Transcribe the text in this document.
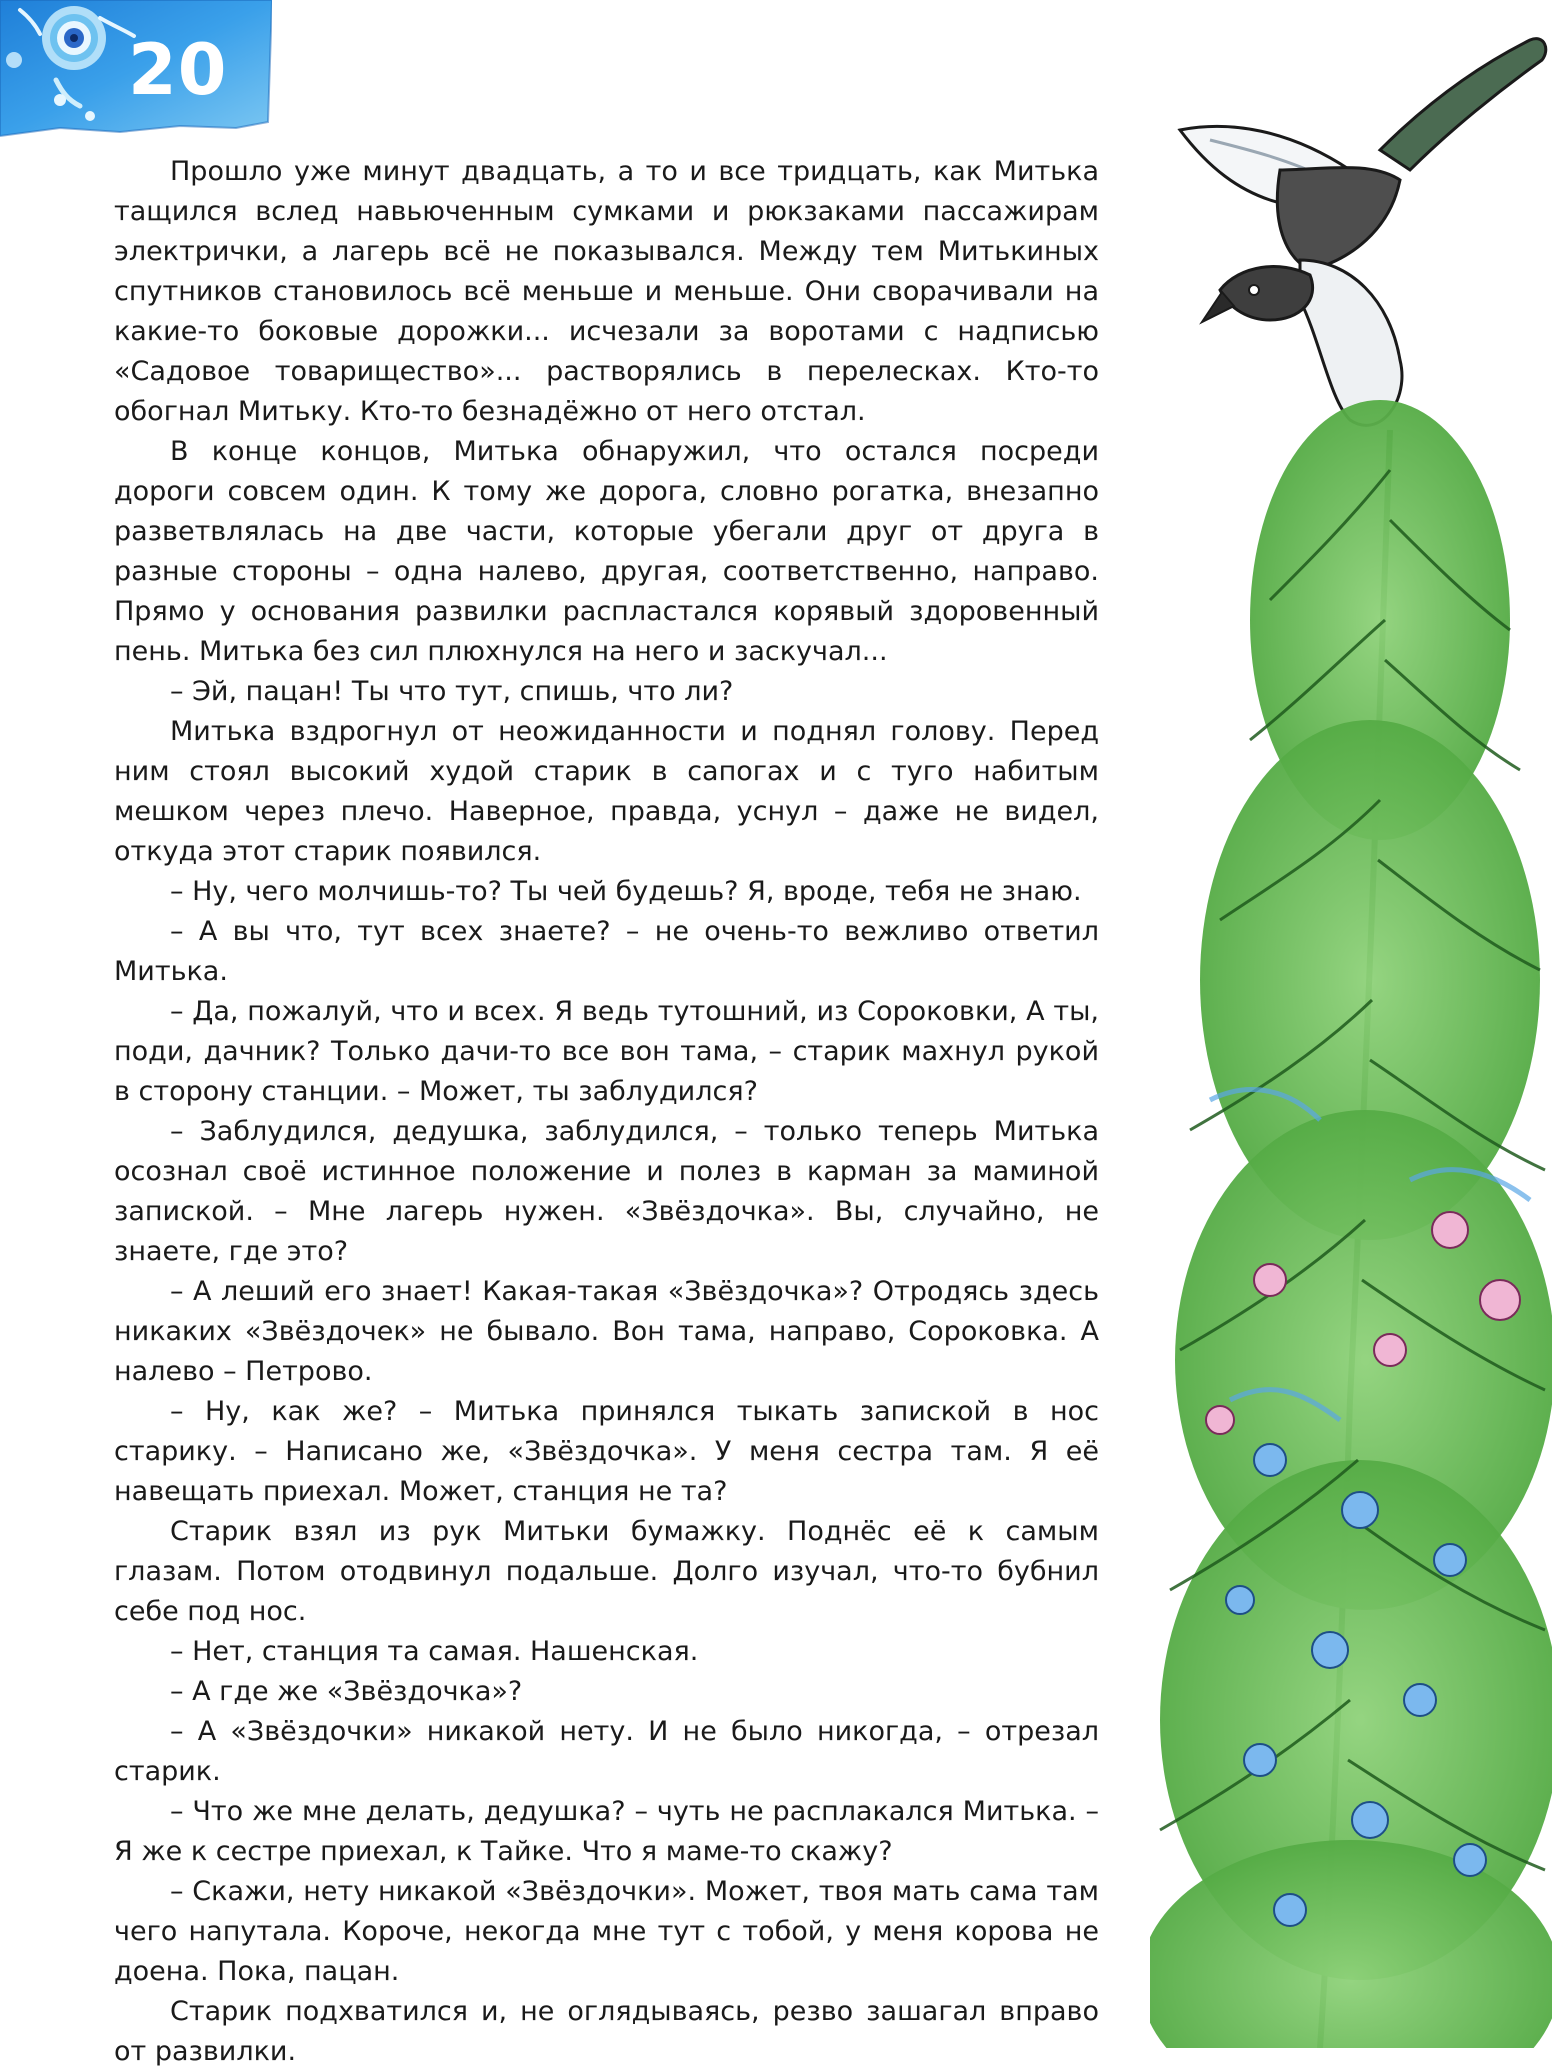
20

Прошло уже минут двадцать, а то и все тридцать, как Митька тащился вслед навьюченным сумками и рюкзаками пассажирам электрички, а лагерь всё не показывался. Между тем Митькиных спутников становилось всё меньше и меньше. Они сворачивали на какие-то боковые дорожки... исчезали за воротами с надписью «Садовое товарищество»... растворялись в перелесках. Кто-то обогнал Митьку. Кто-то безнадёжно от него отстал.

В конце концов, Митька обнаружил, что остался посреди дороги совсем один. К тому же дорога, словно рогатка, внезапно разветвлялась на две части, которые убегали друг от друга в разные стороны – одна налево, другая, соответственно, направо. Прямо у основания развилки распластался корявый здоровенный пень. Митька без сил плюхнулся на него и заскучал...

– Эй, пацан! Ты что тут, спишь, что ли?

Митька вздрогнул от неожиданности и поднял голову. Перед ним стоял высокий худой старик в сапогах и с туго набитым мешком через плечо. Наверное, правда, уснул – даже не видел, откуда этот старик появился.

– Ну, чего молчишь-то? Ты чей будешь? Я, вроде, тебя не знаю.

– А вы что, тут всех знаете? – не очень-то вежливо ответил Митька.

– Да, пожалуй, что и всех. Я ведь тутошний, из Сороковки, А ты, поди, дачник? Только дачи-то все вон тама, – старик махнул рукой в сторону станции. – Может, ты заблудился?

– Заблудился, дедушка, заблудился, – только теперь Митька осознал своё истинное положение и полез в карман за маминой запиской. – Мне лагерь нужен. «Звёздочка». Вы, случайно, не знаете, где это?

– А леший его знает! Какая-такая «Звёздочка»? Отродясь здесь никаких «Звёздочек» не бывало. Вон тама, направо, Сороковка. А налево – Петрово.

– Ну, как же? – Митька принялся тыкать запиской в нос старику. – Написано же, «Звёздочка». У меня сестра там. Я её навещать приехал. Может, станция не та?

Старик взял из рук Митьки бумажку. Поднёс её к самым глазам. Потом отодвинул подальше. Долго изучал, что-то бубнил себе под нос.

– Нет, станция та самая. Нашенская.

– А где же «Звёздочка»?

– А «Звёздочки» никакой нету. И не было никогда, – отрезал старик.

– Что же мне делать, дедушка? – чуть не расплакался Митька. – Я же к сестре приехал, к Тайке. Что я маме-то скажу?

– Скажи, нету никакой «Звёздочки». Может, твоя мать сама там чего напутала. Короче, некогда мне тут с тобой, у меня корова не доена. Пока, пацан.

Старик подхватился и, не оглядываясь, резво зашагал вправо от развилки.
